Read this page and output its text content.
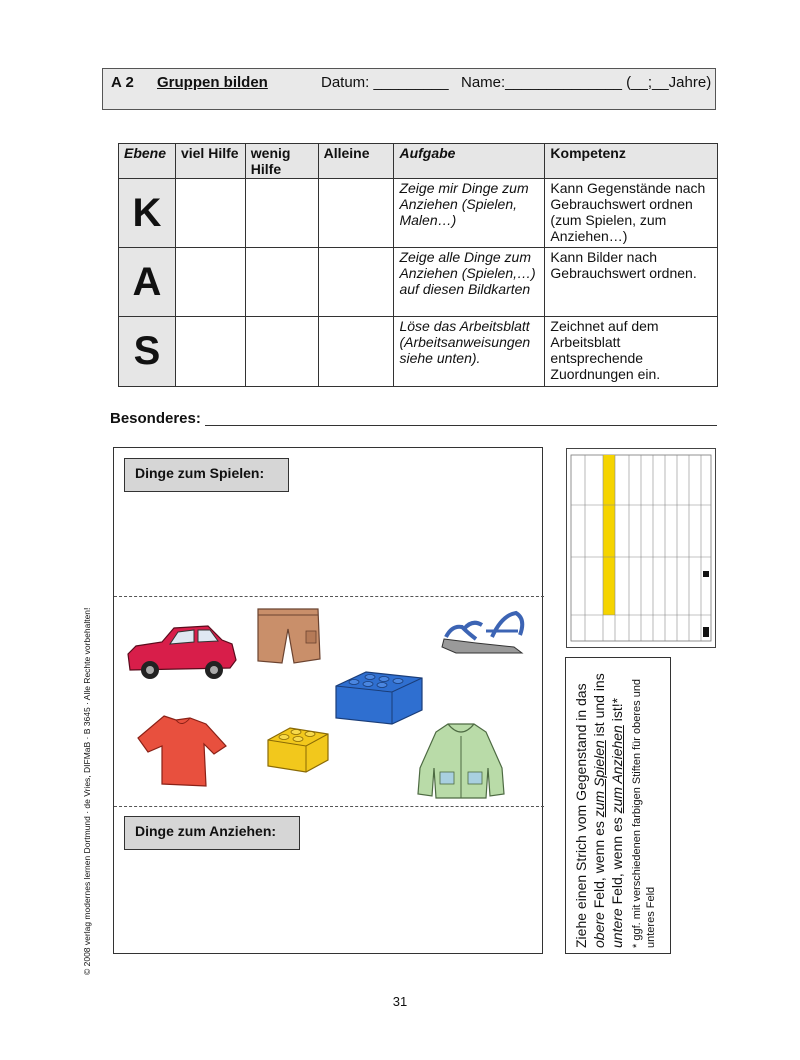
A 2 Gruppen bilden	Datum: _________ Name:______________ (__;__Jahre)
Ebene	viel Hilfe	wenig Hilfe	Alleine	Aufgabe	Kompetenz
K				Zeige mir Dinge zum Anziehen (Spielen, Malen…)	Kann Gegenstände nach Gebrauchswert ordnen (zum Spielen, zum Anziehen…)
A				Zeige alle Dinge zum Anziehen (Spielen,…) auf diesen Bildkarten	Kann Bilder nach Gebrauchswert ordnen.
S				Löse das Arbeitsblatt (Arbeitsanweisungen siehe unten).	Zeichnet auf dem Arbeitsblatt entsprechende Zuordnungen ein.
Besonderes:
Dinge zum Spielen:
Dinge zum Anziehen:	Ziehe einen Strich vom Gegenstand in das obere Feld, wenn es zum Spielen ist und ins untere Feld, wenn es zum Anziehen ist!* * ggf. mit verschiedenen farbigen Stiften für oberes und unteres Feld
© 2008 verlag modernes lernen Dortmund · de Vries, DIFMaB · B 3645 · Alle Rechte vorbehalten!
31
